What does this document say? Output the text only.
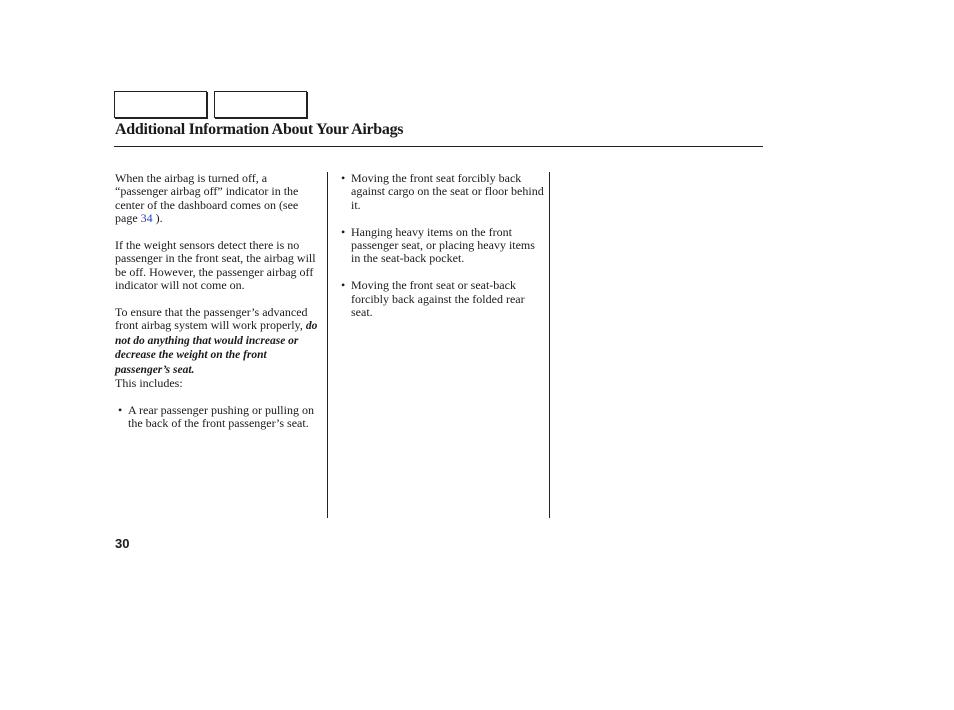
Additional Information About Your Airbags

When the airbag is turned off, a “passenger airbag off” indicator in the center of the dashboard comes on (see page 34 ).

If the weight sensors detect there is no passenger in the front seat, the airbag will be off. However, the passenger airbag off indicator will not come on.

To ensure that the passenger’s advanced front airbag system will work properly, do not do anything that would increase or decrease the weight on the front passenger’s seat.
This includes:

• A rear passenger pushing or pulling on the back of the front passenger’s seat.
• Moving the front seat forcibly back against cargo on the seat or floor behind it.
• Hanging heavy items on the front passenger seat, or placing heavy items in the seat-back pocket.
• Moving the front seat or seat-back forcibly back against the folded rear seat.
30
